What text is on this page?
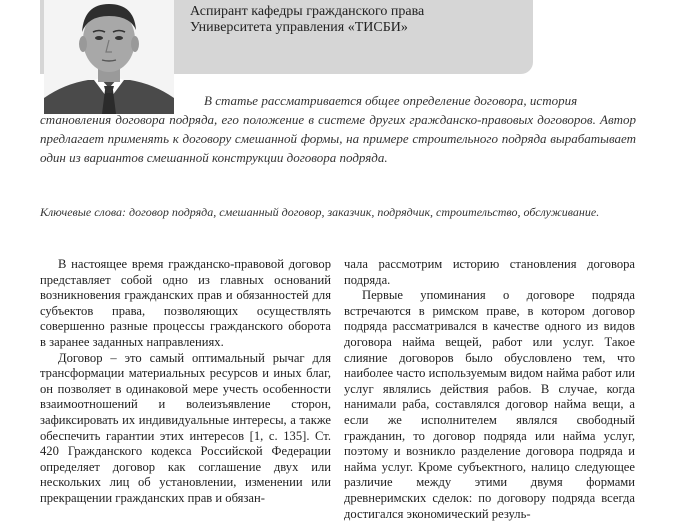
Аспирант кафедры гражданского права
Университета управления «ТИСБИ»
В статье рассматривается общее определение договора, история
становления договора подряда, его положение в системе других гражданско-правовых договоров. Автор предлагает применять к договору смешанной формы, на примере строительного подряда вырабатывает один из вариантов смешанной конструкции договора подряда.
Ключевые слова: договор подряда, смешанный договор, заказчик, подрядчик, строительство, обслуживание.

В настоящее время гражданско-правовой договор представляет собой одно из главных оснований возникновения гражданских прав и обязанностей для субъектов права, позволяющих осуществлять совершенно разные процессы гражданского оборота в заранее заданных направлениях.

Договор – это самый оптимальный рычаг для трансформации материальных ресурсов и иных благ, он позволяет в одинаковой мере учесть особенности взаимоотношений и волеизъявление сторон, зафиксировать их индивидуальные интересы, а также обеспечить гарантии этих интересов [1, с. 135]. Ст. 420 Гражданского кодекса Российской Федерации определяет договор как соглашение двух или нескольких лиц об установлении, изменении или прекращении гражданских прав и обязан-

чала рассмотрим историю становления договора подряда.

Первые упоминания о договоре подряда встречаются в римском праве, в котором договор подряда рассматривался в качестве одного из видов договора найма вещей, работ или услуг. Такое слияние договоров было обусловлено тем, что наиболее часто используемым видом найма работ или услуг являлись действия рабов. В случае, когда нанимали раба, составлялся договор найма вещи, а если же исполнителем являлся свободный гражданин, то договор подряда или найма услуг, поэтому и возникло разделение договора подряда и найма услуг. Кроме субъектного, налицо следующее различие между этими двумя формами древнеримских сделок: по договору подряда всегда достигался экономический резуль-
